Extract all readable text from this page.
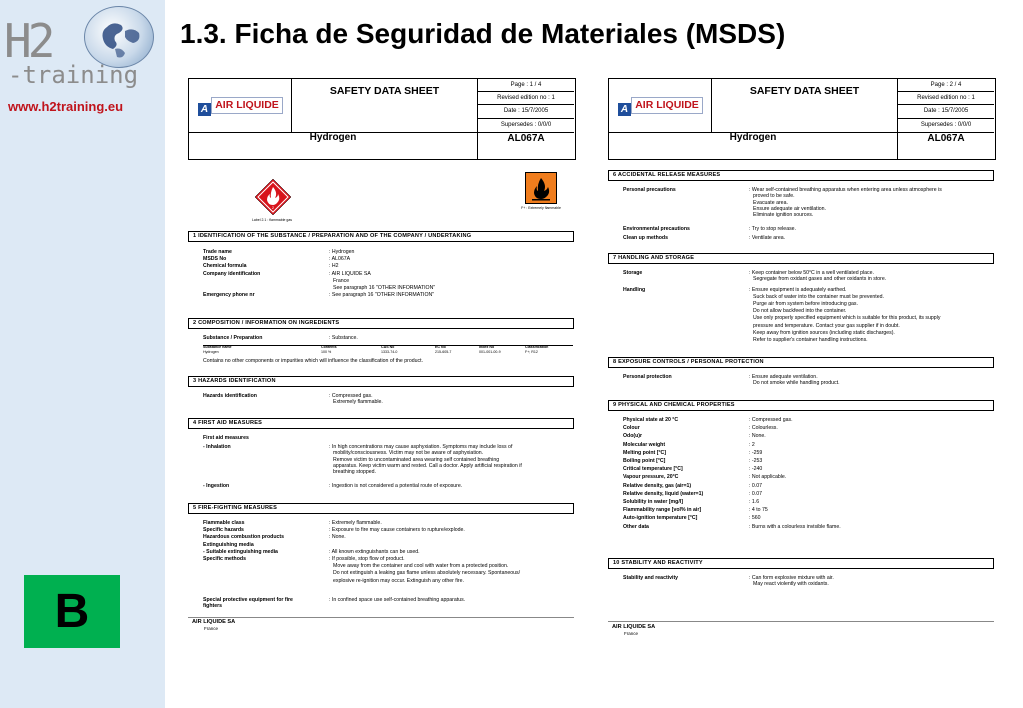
H2
-training
www.h2training.eu
B
1.3. Ficha de Seguridad de Materiales (MSDS)
A AIR LIQUIDE
SAFETY DATA SHEET	Page : 1 / 4
Revised edition no : 1
Date : 15/7/2005
Supersedes : 0/0/0
Hydrogen	AL067A
2
Label 2.1 : flammable gas
F+ : Extremely flammable
1 IDENTIFICATION OF THE SUBSTANCE / PREPARATION AND OF THE COMPANY / UNDERTAKING
Trade name	: Hydrogen
MSDS No	: AL067A
Chemical formula	: H2
Company identification	: AIR LIQUIDE SA
France
See paragraph 16 "OTHER INFORMATION"
Emergency phone nr	: See paragraph 16 "OTHER INFORMATION"
2 COMPOSITION / INFORMATION ON INGREDIENTS
Substance / Preparation	: Substance.
Substance name	Contents	CAS No	EC No	Index No	Classification
Hydrogen	100 %	1333-74-0	215-605-7	001-001-00-9	F+; R12
Contains no other components or impurities which will influence the classification of the product.
3 HAZARDS IDENTIFICATION
Hazards identification	: Compressed gas.
Extremely flammable.
4 FIRST AID MEASURES
First aid measures
- Inhalation	: In high concentrations may cause asphyxiation. Symptoms may include loss of
mobility/consciousness. Victim may not be aware of asphyxiation.
Remove victim to uncontaminated area wearing self contained breathing
apparatus. Keep victim warm and rested. Call a doctor. Apply artificial respiration if
breathing stopped.
- Ingestion	: Ingestion is not considered a potential route of exposure.
5 FIRE-FIGHTING MEASURES
Flammable class	: Extremely flammable.
Specific hazards	: Exposure to fire may cause containers to rupture/explode.
Hazardous combustion products	: None.
Extinguishing media
- Suitable extinguishing media	: All known extinguishants can be used.
Specific methods	: If possible, stop flow of product.
Move away from the container and cool with water from a protected position.
Do not extinguish a leaking gas flame unless absolutely necessary. Spontaneous/
explosive re-ignition may occur. Extinguish any other fire.
Special protective equipment for fire	: In confined space use self-contained breathing apparatus.
fighters
AIR LIQUIDE SA
France
A AIR LIQUIDE
SAFETY DATA SHEET	Page : 2 / 4
Revised edition no : 1
Date : 15/7/2005
Supersedes : 0/0/0
Hydrogen	AL067A
6 ACCIDENTAL RELEASE MEASURES
Personal precautions	: Wear self-contained breathing apparatus when entering area unless atmosphere is
proved to be safe.
Evacuate area.
Ensure adequate air ventilation.
Eliminate ignition sources.
Environmental precautions	: Try to stop release.
Clean up methods	: Ventilate area.
7 HANDLING AND STORAGE
Storage	: Keep container below 50°C in a well ventilated place.
Segregate from oxidant gases and other oxidants in store.
Handling	: Ensure equipment is adequately earthed.
Suck back of water into the container must be prevented.
Purge air from system before introducing gas.
Do not allow backfeed into the container.
Use only properly specified equipment which is suitable for this product, its supply
pressure and temperature. Contact your gas supplier if in doubt.
Keep away from ignition sources (including static discharges).
Refer to supplier's container handling instructions.
8 EXPOSURE CONTROLS / PERSONAL PROTECTION
Personal protection	: Ensure adequate ventilation.
Do not smoke while handling product.
9 PHYSICAL AND CHEMICAL PROPERTIES
Physical state at 20 °C	: Compressed gas.
Colour	: Colourless.
Odo(u)r	: None.
Molecular weight	: 2
Melting point [°C]	: -259
Boiling point [°C]	: -253
Critical temperature [°C]	: -240
Vapour pressure, 20°C	: Not applicable.
Relative density, gas (air=1)	: 0.07
Relative density, liquid (water=1)	: 0.07
Solubility in water [mg/l]	: 1.6
Flammability range [vol% in air]	: 4 to 75
Auto-ignition temperature [°C]	: 560
Other data	: Burns with a colourless invisible flame.
10 STABILITY AND REACTIVITY
Stability and reactivity	: Can form explosive mixture with air.
May react violently with oxidants.
AIR LIQUIDE SA
France
